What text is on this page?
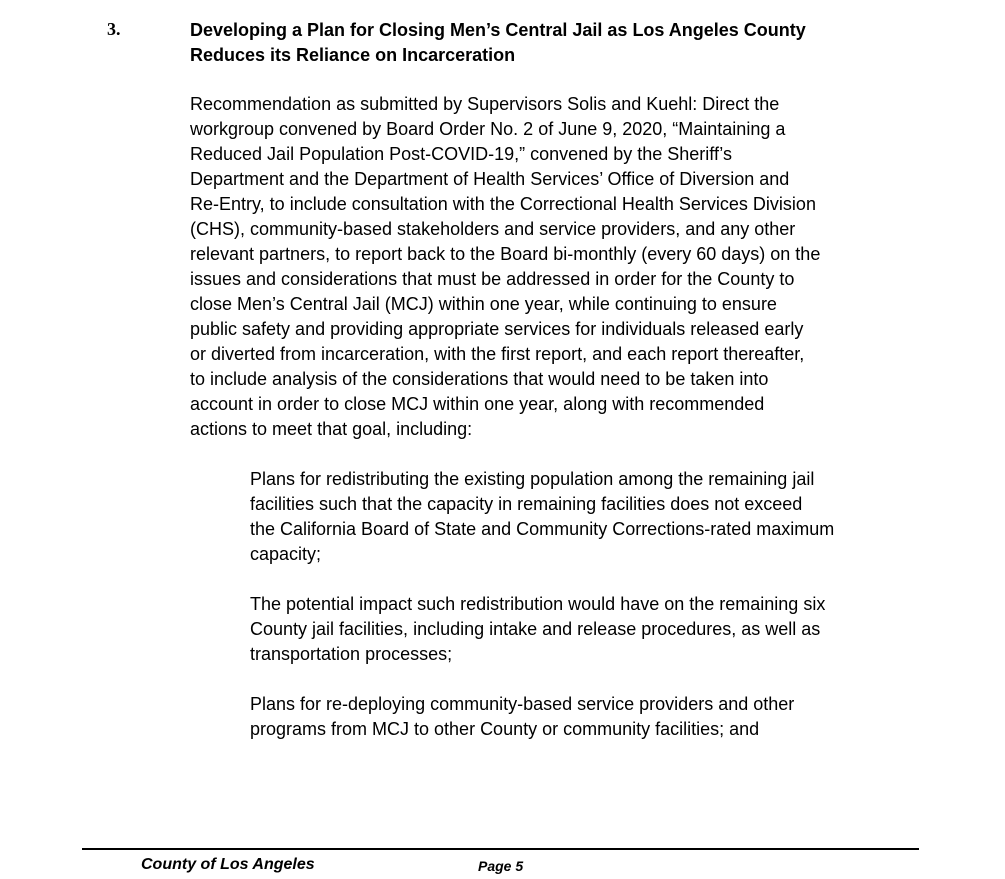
3.	Developing a Plan for Closing Men’s Central Jail as Los Angeles County
Reduces its Reliance on Incarceration

Recommendation as submitted by Supervisors Solis and Kuehl: Direct the
workgroup convened by Board Order No. 2 of June 9, 2020, “Maintaining a
Reduced Jail Population Post-COVID-19,” convened by the Sheriff’s
Department and the Department of Health Services’ Office of Diversion and
Re-Entry, to include consultation with the Correctional Health Services Division
(CHS), community-based stakeholders and service providers, and any other
relevant partners, to report back to the Board bi-monthly (every 60 days) on the
issues and considerations that must be addressed in order for the County to
close Men’s Central Jail (MCJ) within one year, while continuing to ensure
public safety and providing appropriate services for individuals released early
or diverted from incarceration, with the first report, and each report thereafter,
to include analysis of the considerations that would need to be taken into
account in order to close MCJ within one year, along with recommended
actions to meet that goal, including:

Plans for redistributing the existing population among the remaining jail
facilities such that the capacity in remaining facilities does not exceed
the California Board of State and Community Corrections-rated maximum
capacity;

The potential impact such redistribution would have on the remaining six
County jail facilities, including intake and release procedures, as well as
transportation processes;

Plans for re-deploying community-based service providers and other
programs from MCJ to other County or community facilities; and

County of Los Angeles	Page 5
